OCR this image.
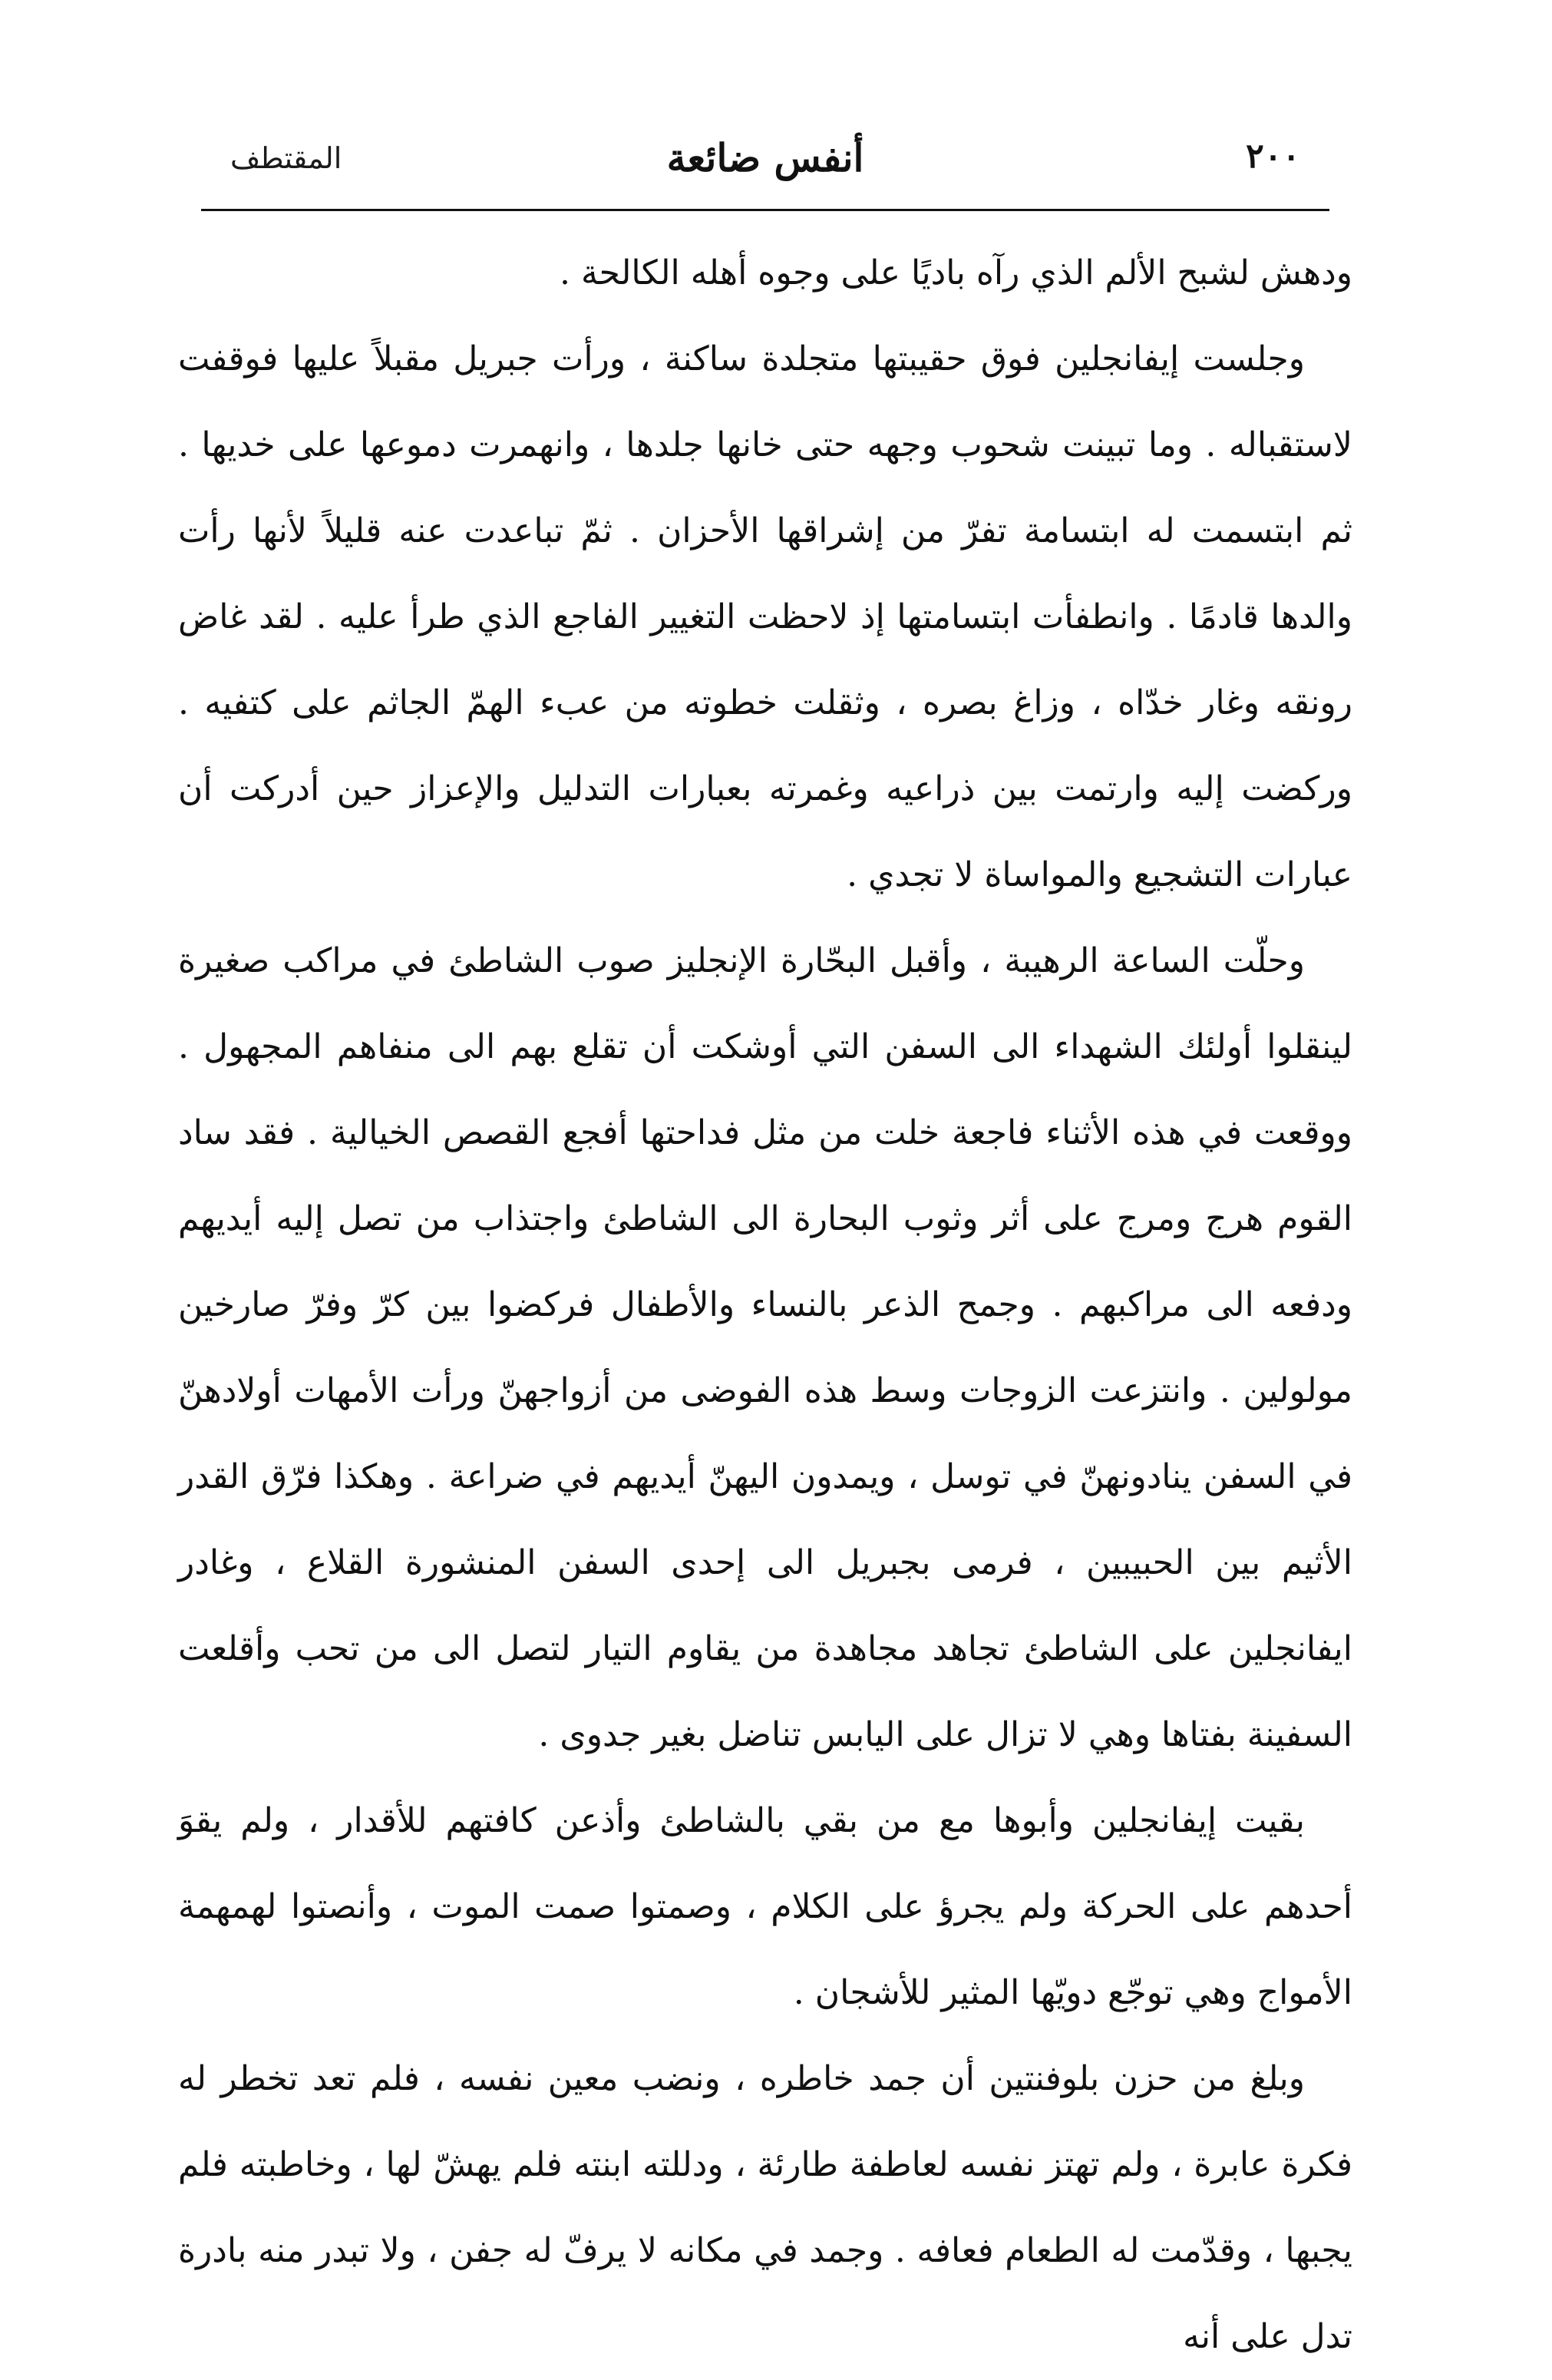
المقتطف	أنفس ضائعة	٢٠٠

ودهش لشبح الألم الذي رآه باديًا على وجوه أهله الكالحة .

وجلست إيفانجلين فوق حقيبتها متجلدة ساكنة ، ورأت جبريل مقبلاً عليها فوقفت لاستقباله . وما تبينت شحوب وجهه حتى خانها جلدها ، وانهمرت دموعها على خديها . ثم ابتسمت له ابتسامة تفرّ من إشراقها الأحزان . ثمّ تباعدت عنه قليلاً لأنها رأت والدها قادمًا . وانطفأت ابتسامتها إذ لاحظت التغيير الفاجع الذي طرأ عليه . لقد غاض رونقه وغار خدّاه ، وزاغ بصره ، وثقلت خطوته من عبء الهمّ الجاثم على كتفيه . وركضت إليه وارتمت بين ذراعيه وغمرته بعبارات التدليل والإعزاز حين أدركت أن عبارات التشجيع والمواساة لا تجدي .

وحلّت الساعة الرهيبة ، وأقبل البحّارة الإنجليز صوب الشاطئ في مراكب صغيرة لينقلوا أولئك الشهداء الى السفن التي أوشكت أن تقلع بهم الى منفاهم المجهول . ووقعت في هذه الأثناء فاجعة خلت من مثل فداحتها أفجع القصص الخيالية . فقد ساد القوم هرج ومرج على أثر وثوب البحارة الى الشاطئ واجتذاب من تصل إليه أيديهم ودفعه الى مراكبهم . وجمح الذعر بالنساء والأطفال فركضوا بين كرّ وفرّ صارخين مولولين . وانتزعت الزوجات وسط هذه الفوضى من أزواجهنّ ورأت الأمهات أولادهنّ في السفن ينادونهنّ في توسل ، ويمدون اليهنّ أيديهم في ضراعة . وهكذا فرّق القدر الأثيم بين الحبيبين ، فرمى بجبريل الى إحدى السفن المنشورة القلاع ، وغادر ايفانجلين على الشاطئ تجاهد مجاهدة من يقاوم التيار لتصل الى من تحب وأقلعت السفينة بفتاها وهي لا تزال على اليابس تناضل بغير جدوى .

بقيت إيفانجلين وأبوها مع من بقي بالشاطئ وأذعن كافتهم للأقدار ، ولم يقوَ أحدهم على الحركة ولم يجرؤ على الكلام ، وصمتوا صمت الموت ، وأنصتوا لهمهمة الأمواج وهي توجّع دويّها المثير للأشجان .

وبلغ من حزن بلوفنتين أن جمد خاطره ، ونضب معين نفسه ، فلم تعد تخطر له فكرة عابرة ، ولم تهتز نفسه لعاطفة طارئة ، ودللته ابنته فلم يهشّ لها ، وخاطبته فلم يجبها ، وقدّمت له الطعام فعافه . وجمد في مكانه لا يرفّ له جفن ، ولا تبدر منه بادرة تدل على أنه
